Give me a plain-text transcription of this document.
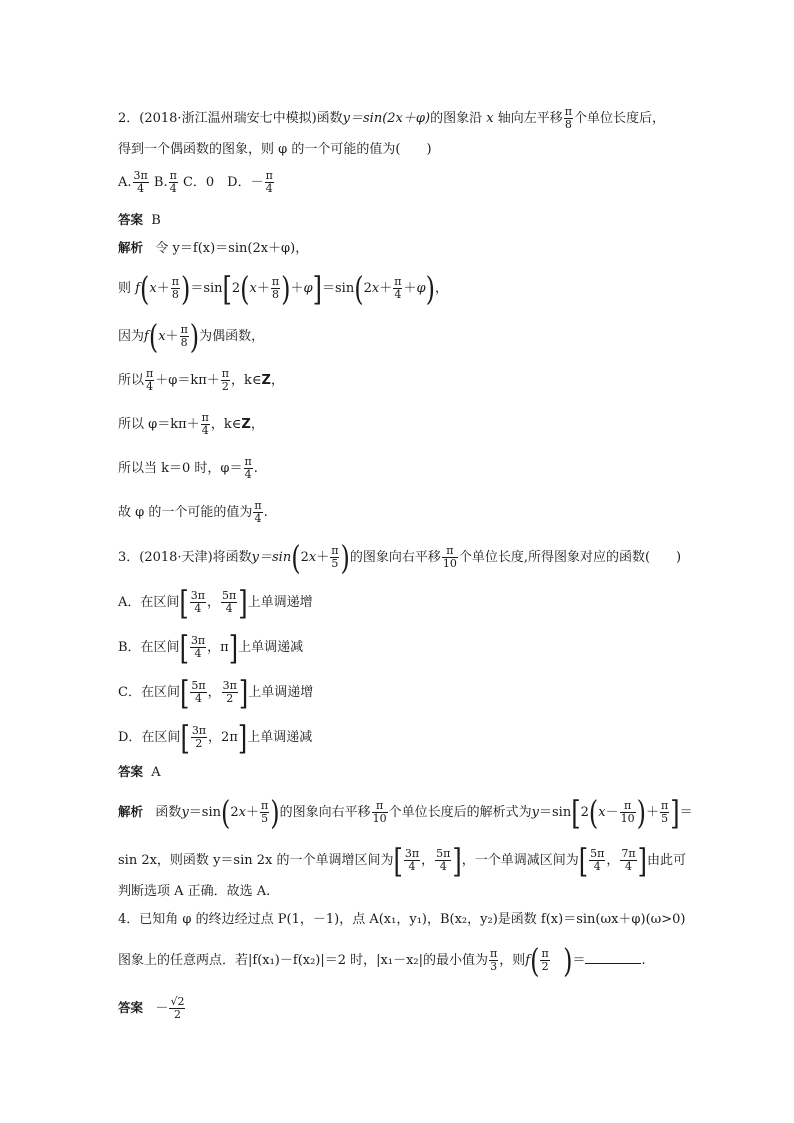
2．(2018·浙江温州瑞安七中模拟)函数y＝sin(2x＋φ)的图象沿 x 轴向左平移 $\frac{\pi}{8}$ 个单位长度后，
得到一个偶函数的图象，则 φ 的一个可能的值为(　　)
A. $\frac{3\pi}{4} B$. $\frac{\pi}{4}$ C．0　D．－ $\frac{\pi}{4}$
答案 B
解析 令 y＝f(x)＝sin(2x＋φ)，
则 $f(x+ \frac{\pi}{8} )=\sin[2(x+ \frac{\pi}{8} )+\varphi]=\sin(2x+ \frac{\pi}{4} +\varphi)$，
因为$f(x+ \frac{\pi}{8}$ )为偶函数，
所以 $\frac{\pi}{4} +\varphi=k\pi+ \frac{\pi}{2}$ ，k∈Z，
所以 $\varphi=k\pi+ \frac{\pi}{4}$ ，k∈Z，
所以当 k＝0 时，$\varphi= \frac{\pi}{4}$ .
故 φ 的一个可能的值为 $\frac{\pi}{4}$ .
3．(2018·天津)将函数$y=\sin(2x+ \frac{\pi}{5}$ )的图象向右平移 $\frac{\pi}{10}$ 个单位长度,所得图象对应的函数(　　)
A．在区间[ $\frac{3\pi}{4}$ ， $\frac{5\pi}{4}$ ]上单调递增
B．在区间[ $\frac{3\pi}{4}$ ，π]上单调递减
C．在区间[ $\frac{5\pi}{4}$ ， $\frac{3\pi}{2}$ ]上单调递增
D．在区间[ $\frac{3\pi}{2}$ ，2π]上单调递减
答案 A
解析 函数$y=\sin(2x+ \frac{\pi}{5}$ )的图象向右平移 $\frac{\pi}{10}$ 个单位长度后的解析式为$y=\sin[2(x- \frac{\pi}{10}$ )＋ $\frac{\pi}{5}$ ]＝
sin 2x，则函数 y＝sin 2x 的一个单调增区间为[ $\frac{3\pi}{4}$ ， $\frac{5\pi}{4}$ ]，一个单调减区间为[ $\frac{5\pi}{4}$ ， $\frac{7\pi}{4}$ ]由此可
判断选项 A 正确．故选 A.
4．已知角 φ 的终边经过点 P(1，－1)，点 A(x₁，y₁)，B(x₂，y₂)是函数 f(x)＝sin(ωx＋φ)(ω>0)
图象上的任意两点．若|f(x₁)－f(x₂)|＝2 时，|x₁－x₂|的最小值为 $\frac{\pi}{3}$ ，则$f( \frac{\pi}{2}$ )＝	.
答案 － $\frac{√2}{2}$
